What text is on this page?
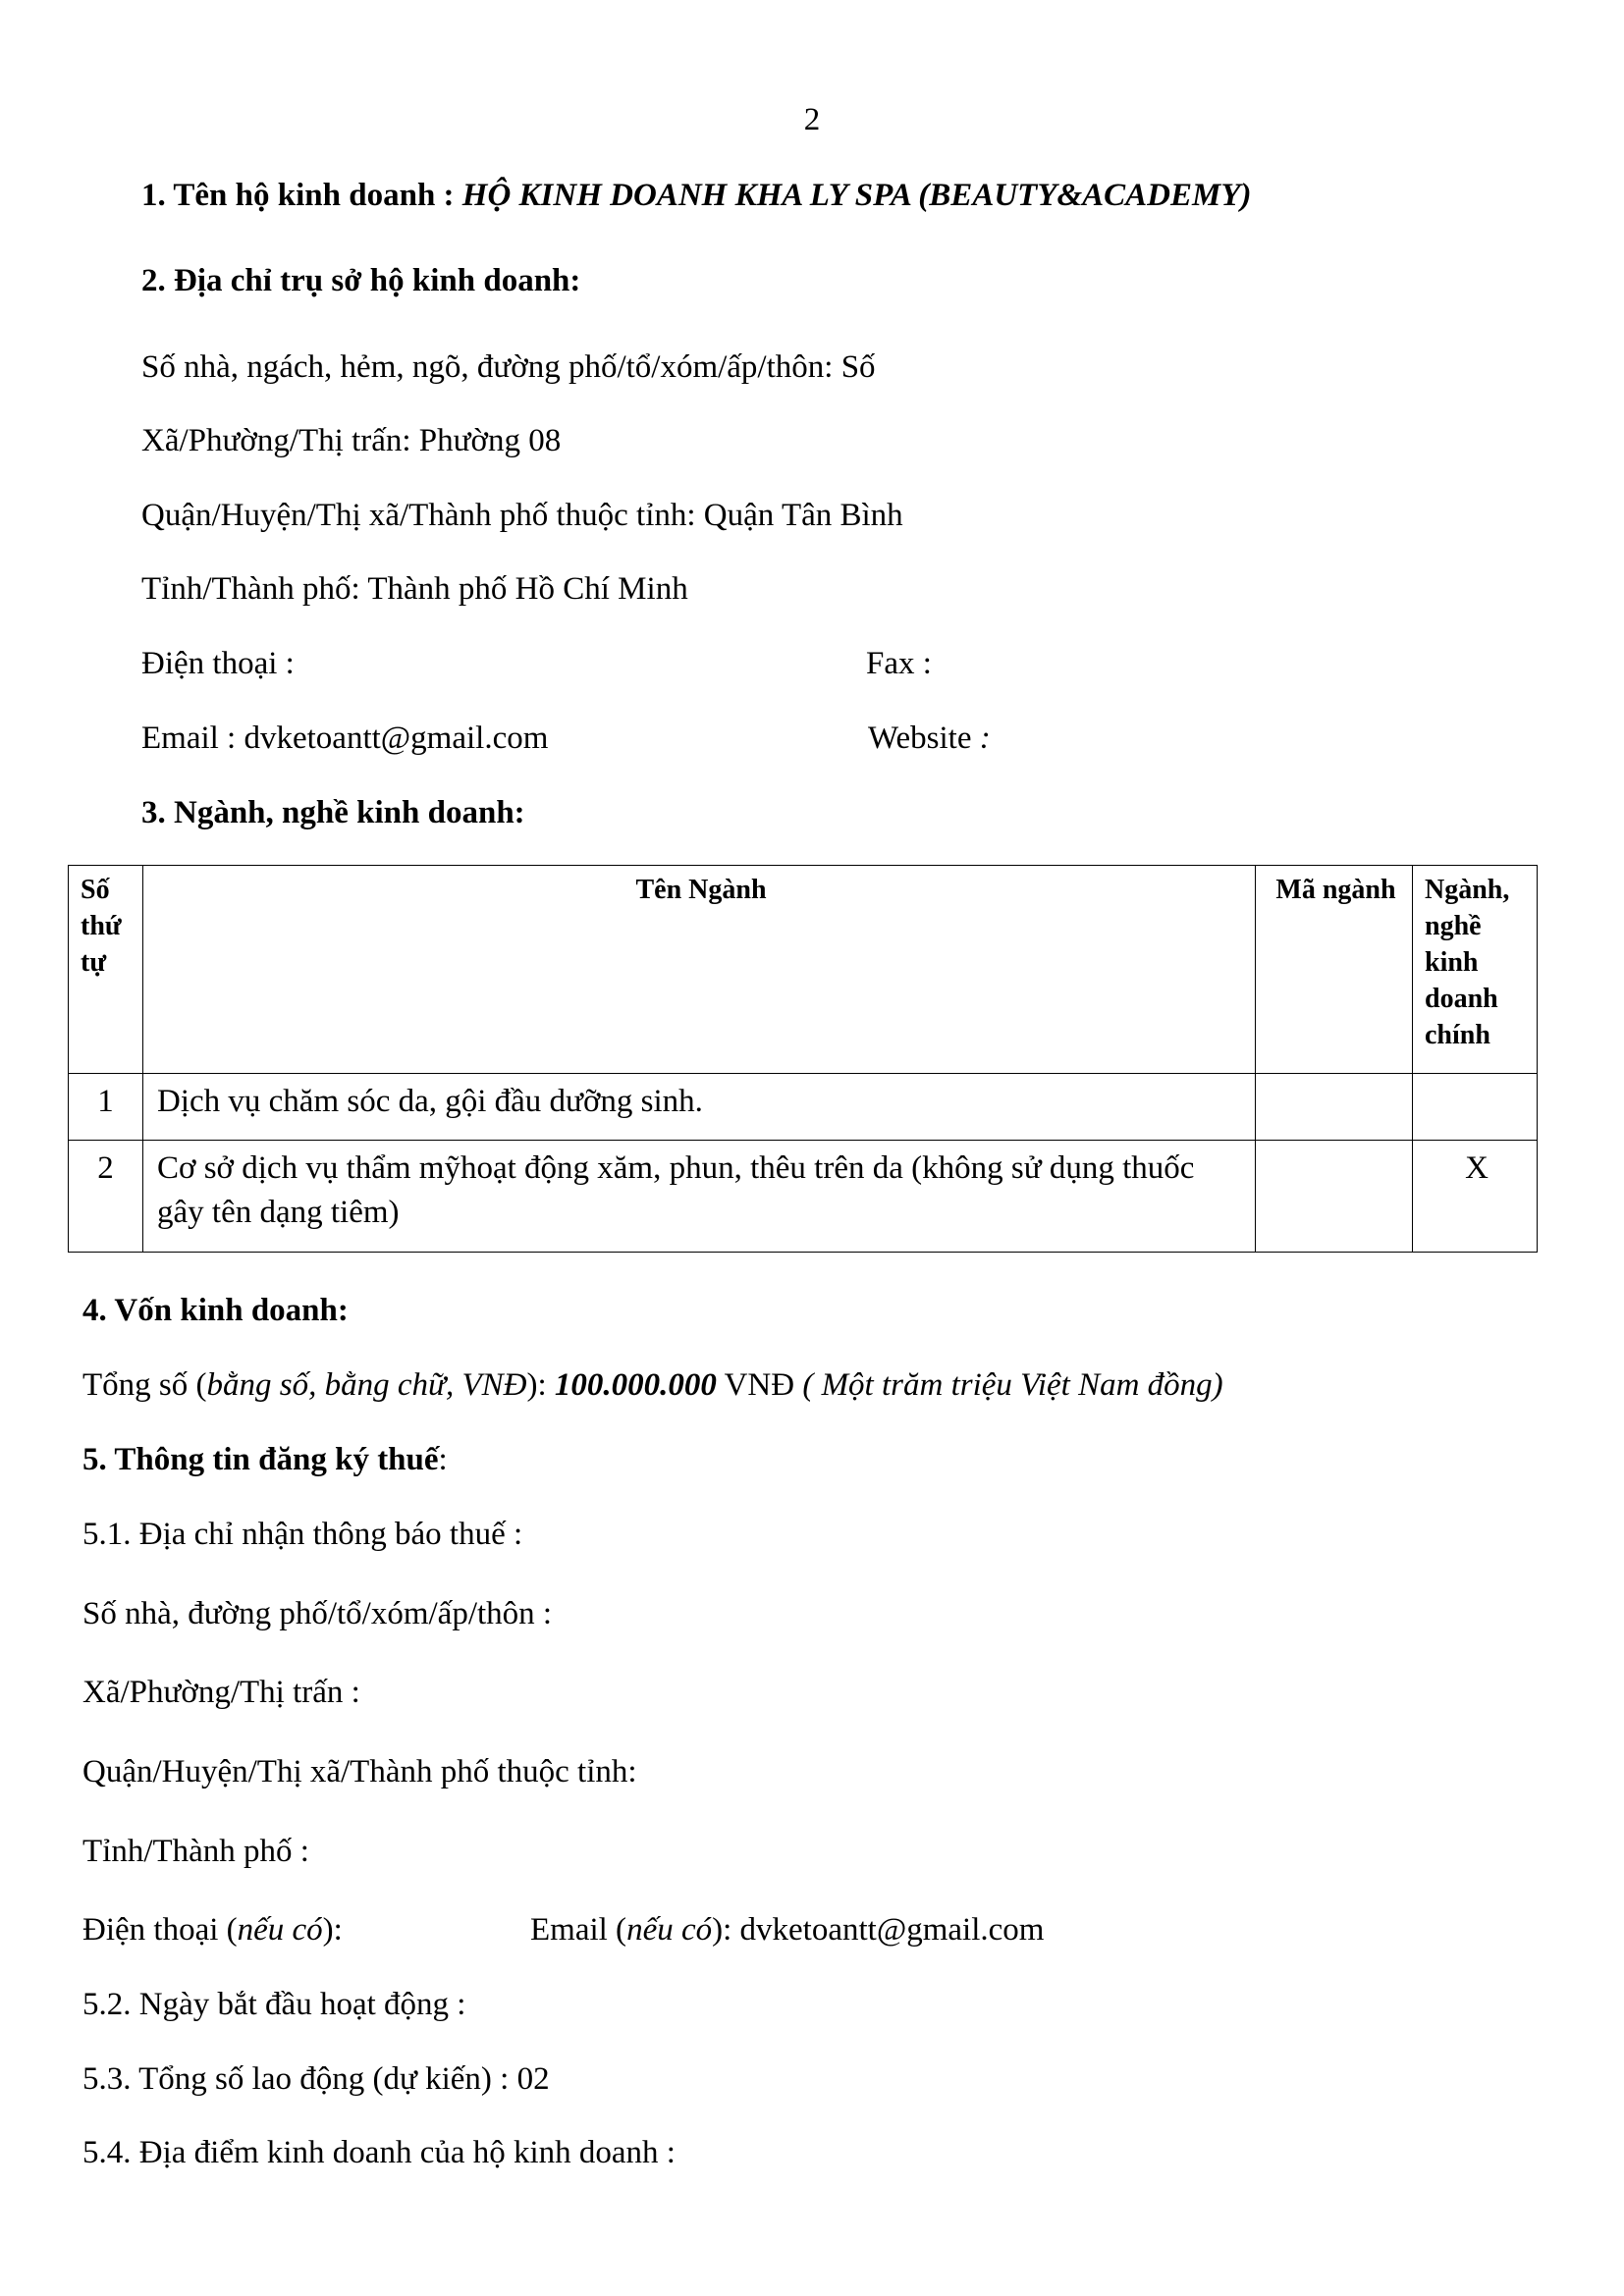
2
1. Tên hộ kinh doanh : HỘ KINH DOANH KHA LY SPA (BEAUTY&ACADEMY)
2. Địa chỉ trụ sở hộ kinh doanh:
Số nhà, ngách, hẻm, ngõ, đường phố/tổ/xóm/ấp/thôn: Số
Xã/Phường/Thị trấn: Phường 08
Quận/Huyện/Thị xã/Thành phố thuộc tỉnh: Quận Tân Bình
Tỉnh/Thành phố: Thành phố Hồ Chí Minh
Điện thoại :	Fax :
Email : dvketoantt@gmail.com	Website :
3. Ngành, nghề kinh doanh:
Số thứ tự	Tên Ngành	Mã ngành	Ngành, nghề kinh doanh chính
1	Dịch vụ chăm sóc da, gội đầu dưỡng sinh.		
2	Cơ sở dịch vụ thẩm mỹhoạt động xăm, phun, thêu trên da (không sử dụng thuốc gây tên dạng tiêm)		X
4. Vốn kinh doanh:
Tổng số (bằng số, bằng chữ, VNĐ): 100.000.000 VNĐ ( Một trăm triệu Việt Nam đồng)
5. Thông tin đăng ký thuế:
5.1. Địa chỉ nhận thông báo thuế :
Số nhà, đường phố/tổ/xóm/ấp/thôn :
Xã/Phường/Thị trấn :
Quận/Huyện/Thị xã/Thành phố thuộc tỉnh:
Tỉnh/Thành phố :
Điện thoại (nếu có):	Email (nếu có): dvketoantt@gmail.com
5.2. Ngày bắt đầu hoạt động :
5.3. Tổng số lao động (dự kiến) : 02
5.4. Địa điểm kinh doanh của hộ kinh doanh :
